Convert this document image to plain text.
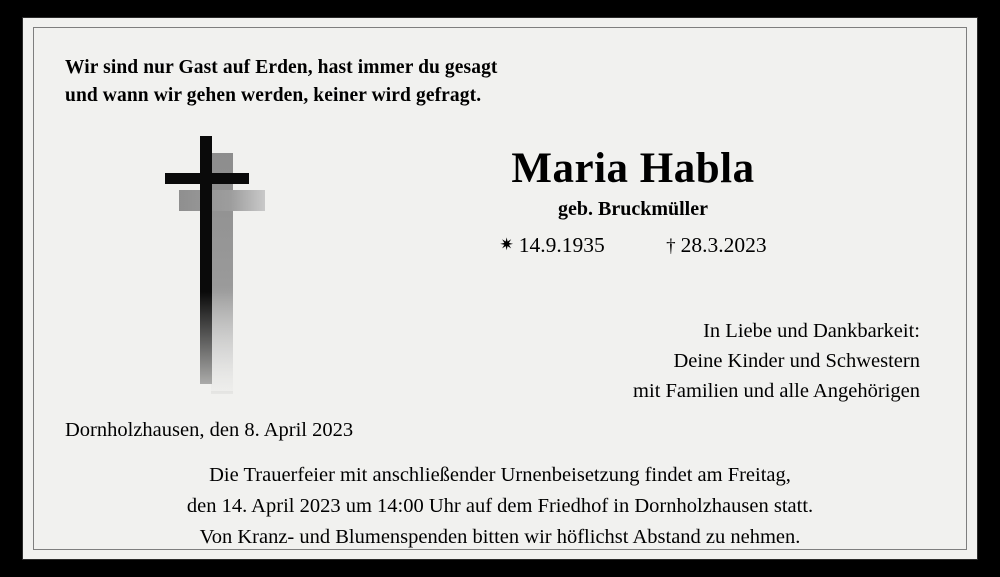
Wir sind nur Gast auf Erden, hast immer du gesagt
und wann wir gehen werden, keiner wird gefragt.
Maria Habla
geb. Bruckmüller
✷ 14.9.1935	† 28.3.2023
In Liebe und Dankbarkeit:
Deine Kinder und Schwestern
mit Familien und alle Angehörigen
Dornholzhausen, den 8. April 2023
Die Trauerfeier mit anschließender Urnenbeisetzung findet am Freitag,
den 14. April 2023 um 14:00 Uhr auf dem Friedhof in Dornholzhausen statt.
Von Kranz- und Blumenspenden bitten wir höflichst Abstand zu nehmen.
